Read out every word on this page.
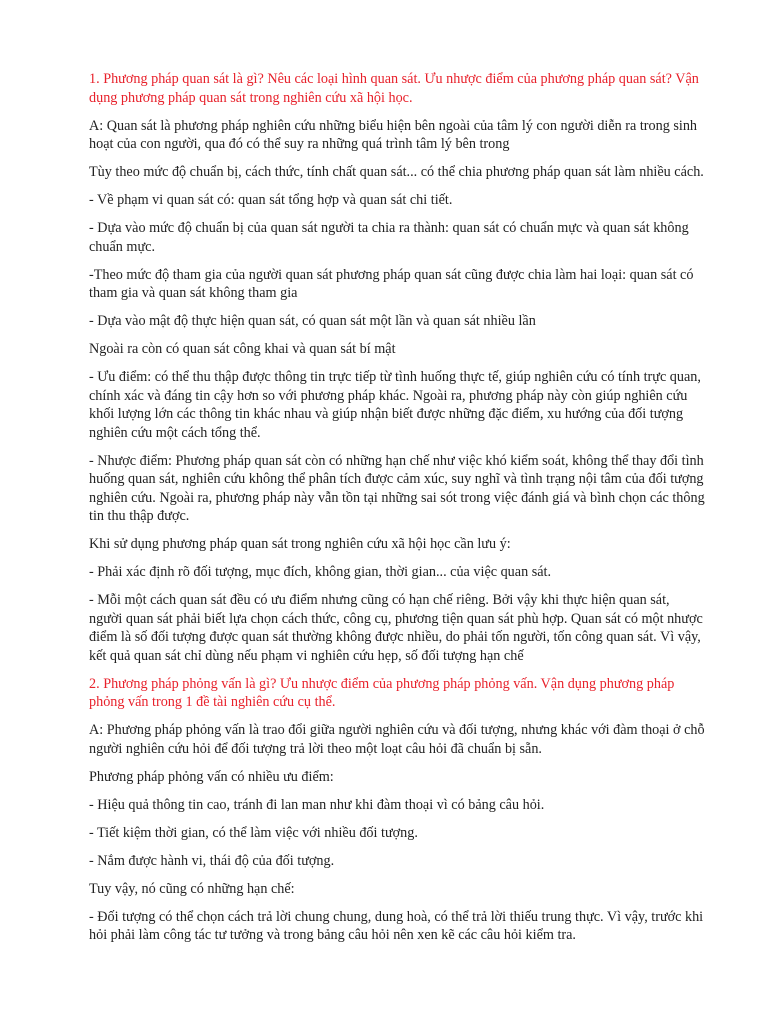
1. Phương pháp quan sát là gì? Nêu các loại hình quan sát. Ưu nhược điểm của phương pháp quan sát? Vận dụng phương pháp quan sát trong nghiên cứu xã hội học.

A: Quan sát là phương pháp nghiên cứu những biểu hiện bên ngoài của tâm lý con người diễn ra trong sinh hoạt của con người, qua đó có thể suy ra những quá trình tâm lý bên trong

Tùy theo mức độ chuẩn bị, cách thức, tính chất quan sát... có thể chia phương pháp quan sát làm nhiều cách.

- Về phạm vi quan sát có: quan sát tổng hợp và quan sát chi tiết.

- Dựa vào mức độ chuẩn bị của quan sát người ta chia ra thành: quan sát có chuẩn mực và quan sát không chuẩn mực.

-Theo mức độ tham gia của người quan sát phương pháp quan sát cũng được chia làm hai loại: quan sát có tham gia và quan sát không tham gia

- Dựa vào mật độ thực hiện quan sát, có quan sát một lần và quan sát nhiều lần

Ngoài ra còn có quan sát công khai và quan sát bí mật

- Ưu điểm: có thể thu thập được thông tin trực tiếp từ tình huống thực tế, giúp nghiên cứu có tính trực quan, chính xác và đáng tin cậy hơn so với phương pháp khác. Ngoài ra, phương pháp này còn giúp nghiên cứu khối lượng lớn các thông tin khác nhau và giúp nhận biết được những đặc điểm, xu hướng của đối tượng nghiên cứu một cách tổng thể.

- Nhược điểm: Phương pháp quan sát còn có những hạn chế như việc khó kiểm soát, không thể thay đổi tình huống quan sát, nghiên cứu không thể phân tích được cảm xúc, suy nghĩ và tình trạng nội tâm của đối tượng nghiên cứu. Ngoài ra, phương pháp này vẫn tồn tại những sai sót trong việc đánh giá và bình chọn các thông tin thu thập được.

Khi sử dụng phương pháp quan sát trong nghiên cứu xã hội học cần lưu ý:

- Phải xác định rõ đối tượng, mục đích, không gian, thời gian... của việc quan sát.

- Mỗi một cách quan sát đều có ưu điểm nhưng cũng có hạn chế riêng. Bởi vậy khi thực hiện quan sát, người quan sát phải biết lựa chọn cách thức, công cụ, phương tiện quan sát phù hợp. Quan sát có một nhược điểm là số đối tượng được quan sát thường không được nhiều, do phải tốn người, tốn công quan sát. Vì vậy, kết quả quan sát chỉ dùng nếu phạm vi nghiên cứu hẹp, số đối tượng hạn chế

2. Phương pháp phỏng vấn là gì? Ưu nhược điểm của phương pháp phỏng vấn. Vận dụng phương pháp phỏng vấn trong 1 đề tài nghiên cứu cụ thể.

A: Phương pháp phỏng vấn là trao đổi giữa người nghiên cứu và đối tượng, nhưng khác với đàm thoại ở chỗ người nghiên cứu hỏi để đối tượng trả lời theo một loạt câu hỏi đã chuẩn bị sẵn.

Phương pháp phỏng vấn có nhiều ưu điểm:

- Hiệu quả thông tin cao, tránh đi lan man như khi đàm thoại vì có bảng câu hỏi.

- Tiết kiệm thời gian, có thể làm việc với nhiều đối tượng.

- Nắm được hành vi, thái độ của đối tượng.

Tuy vậy, nó cũng có những hạn chế:

- Đối tượng có thể chọn cách trả lời chung chung, dung hoà, có thể trả lời thiếu trung thực. Vì vậy, trước khi hỏi phải làm công tác tư tưởng và trong bảng câu hỏi nên xen kẽ các câu hỏi kiểm tra.
